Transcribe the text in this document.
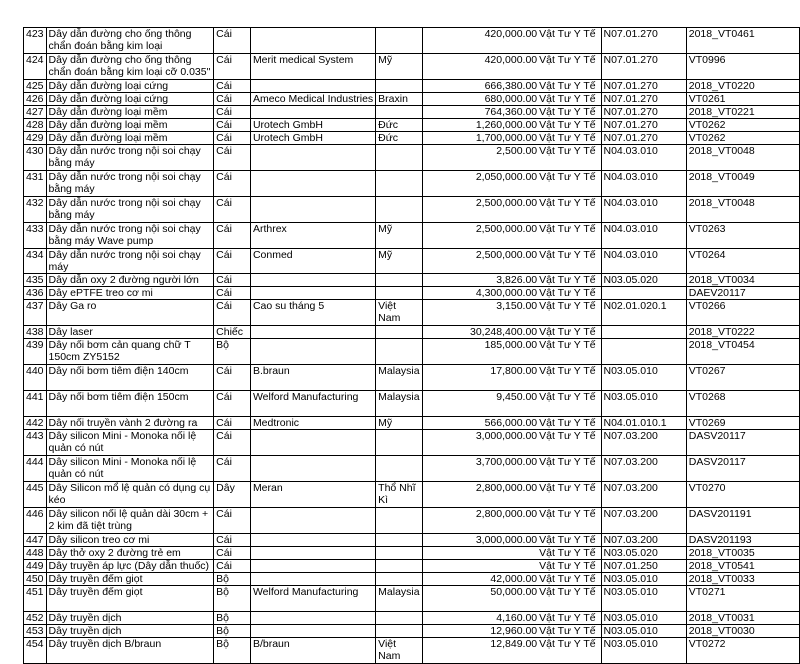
423	Dây dẫn đường cho ống thông chẩn đoán bằng kim loại	Cái			420,000.00	Vật Tư Y Tế	N07.01.270	2018_VT0461
424	Dây dẫn đường cho ống thông chẩn đoán bằng kim loại cỡ 0.035"	Cái	Merit medical System	Mỹ	420,000.00	Vật Tư Y Tế	N07.01.270	VT0996
425	Dây dẫn đường loại cứng	Cái			666,380.00	Vật Tư Y Tế	N07.01.270	2018_VT0220
426	Dây dẫn đường loại cứng	Cái	Ameco Medical Industries	Braxin	680,000.00	Vật Tư Y Tế	N07.01.270	VT0261
427	Dây dẫn đường loại mềm	Cái			764,360.00	Vật Tư Y Tế	N07.01.270	2018_VT0221
428	Dây dẫn đường loại mềm	Cái	Urotech GmbH	Đức	1,260,000.00	Vật Tư Y Tế	N07.01.270	VT0262
429	Dây dẫn đường loại mềm	Cái	Urotech GmbH	Đức	1,700,000.00	Vật Tư Y Tế	N07.01.270	VT0262
430	Dây dẫn nước trong nội soi chạy bằng máy	Cái			2,500.00	Vật Tư Y Tế	N04.03.010	2018_VT0048
431	Dây dẫn nước trong nội soi chạy bằng máy	Cái			2,050,000.00	Vật Tư Y Tế	N04.03.010	2018_VT0049
432	Dây dẫn nước trong nội soi chạy bằng máy	Cái			2,500,000.00	Vật Tư Y Tế	N04.03.010	2018_VT0048
433	Dây dẫn nước trong nội soi chạy bằng máy Wave pump	Cái	Arthrex	Mỹ	2,500,000.00	Vật Tư Y Tế	N04.03.010	VT0263
434	Dây dẫn nước trong nội soi chạy máy	Cái	Conmed	Mỹ	2,500,000.00	Vật Tư Y Tế	N04.03.010	VT0264
435	Dây dẫn oxy 2 đường người lớn	Cái			3,826.00	Vật Tư Y Tế	N03.05.020	2018_VT0034
436	Dây ePTFE treo cơ mi	Cái			4,300,000.00	Vật Tư Y Tế		DAEV20117
437	Dây Ga ro	Cái	Cao su tháng 5	Việt Nam	3,150.00	Vật Tư Y Tế	N02.01.020.1	VT0266
438	Dây laser	Chiếc			30,248,400.00	Vật Tư Y Tế		2018_VT0222
439	Dây nối bơm cản quang chữ T 150cm ZY5152	Bộ			185,000.00	Vật Tư Y Tế		2018_VT0454
440	Dây nối bơm tiêm điện 140cm	Cái	B.braun	Malaysia	17,800.00	Vật Tư Y Tế	N03.05.010	VT0267
441	Dây nối bơm tiêm điện 150cm	Cái	Welford Manufacturing	Malaysia	9,450.00	Vật Tư Y Tế	N03.05.010	VT0268
442	Dây nối truyền vành 2 đường ra	Cái	Medtronic	Mỹ	566,000.00	Vật Tư Y Tế	N04.01.010.1	VT0269
443	Dây silicon Mini - Monoka nối lệ quản có nút	Cái			3,000,000.00	Vật Tư Y Tế	N07.03.200	DASV20117
444	Dây silicon Mini - Monoka nối lệ quản có nút	Cái			3,700,000.00	Vật Tư Y Tế	N07.03.200	DASV20117
445	Dây Silicon mổ lệ quản có dụng cụ kéo	Dây	Meran	Thổ Nhĩ Kì	2,800,000.00	Vật Tư Y Tế	N07.03.200	VT0270
446	Dây silicon nối lệ quản dài 30cm + 2 kim đã tiệt trùng	Cái			2,800,000.00	Vật Tư Y Tế	N07.03.200	DASV201191
447	Dây silicon treo cơ mi	Cái			3,000,000.00	Vật Tư Y Tế	N07.03.200	DASV201193
448	Dây thở oxy 2 đường trẻ em	Cái				Vật Tư Y Tế	N03.05.020	2018_VT0035
449	Dây truyền áp lực (Dây dẫn thuốc)	Cái				Vật Tư Y Tế	N07.01.250	2018_VT0541
450	Dây truyền đếm giọt	Bộ			42,000.00	Vật Tư Y Tế	N03.05.010	2018_VT0033
451	Dây truyền đếm giọt	Bộ	Welford Manufacturing	Malaysia	50,000.00	Vật Tư Y Tế	N03.05.010	VT0271
452	Dây truyền dịch	Bộ			4,160.00	Vật Tư Y Tế	N03.05.010	2018_VT0031
453	Dây truyền dịch	Bộ			12,960.00	Vật Tư Y Tế	N03.05.010	2018_VT0030
454	Dây truyền dịch B/braun	Bộ	B/braun	Việt Nam	12,849.00	Vật Tư Y Tế	N03.05.010	VT0272
